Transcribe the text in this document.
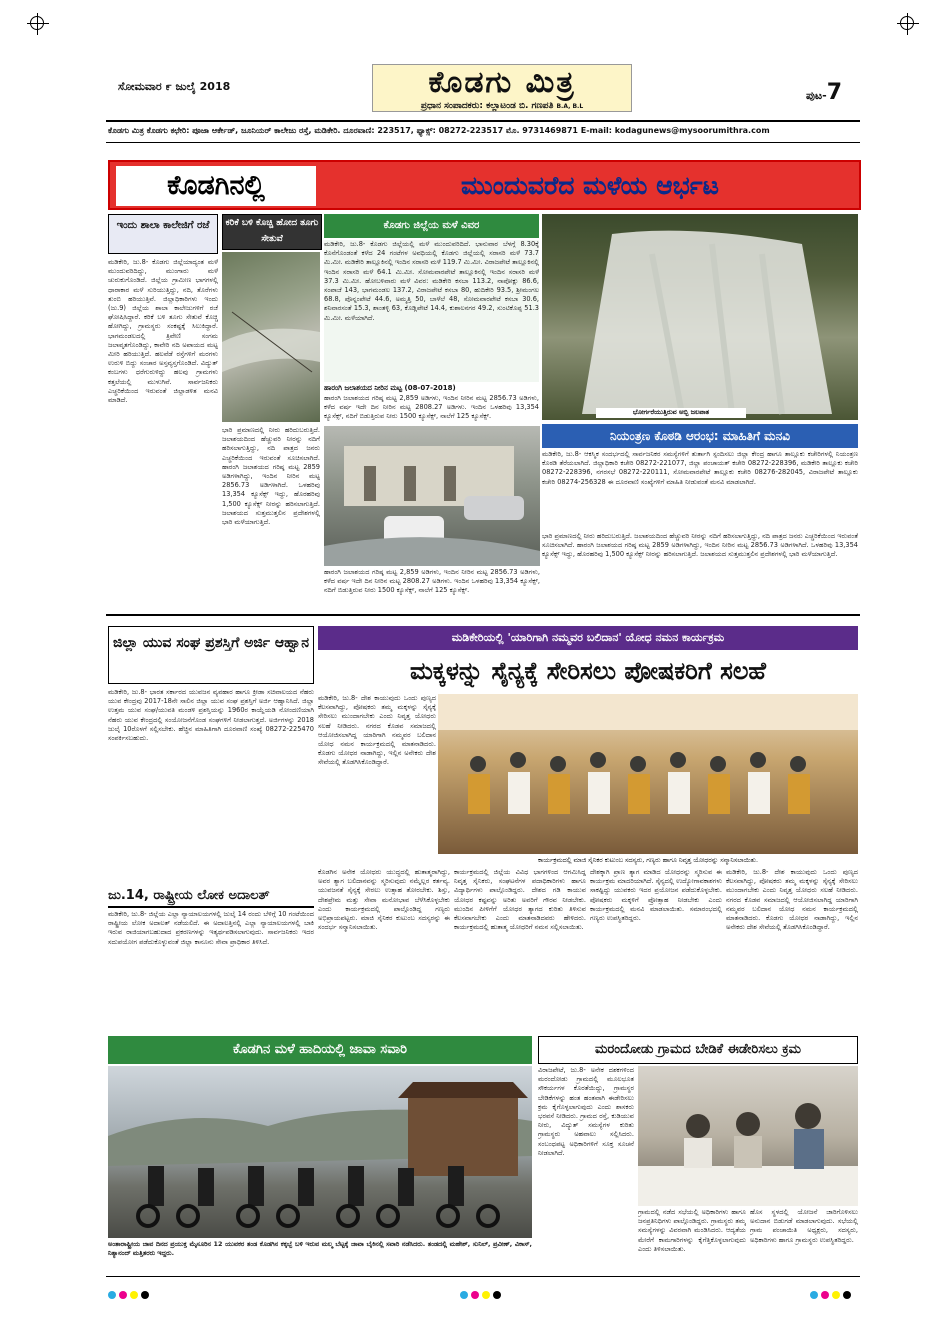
ಸೋಮವಾರ ೯ ಜುಲೈ 2018	ಕೊಡಗು ಮಿತ್ರ
ಪ್ರಧಾನ ಸಂಪಾದಕರು: ಕಲ್ಲಾಟಂಡ ಬಿ. ಗಣಪತಿ B.A, B.L
ಪುಟ-7
ಕೊಡಗು ಮಿತ್ರ ಕೊಡಗು ಕಛೇರಿ: ಪೂಜಾ ಆರ್ಕೇಡ್, ಜೂನಿಯರ್ ಕಾಲೇಜು ರಸ್ತೆ, ಮಡಿಕೇರಿ. ದೂರವಾಣಿ: 223517, ಫ್ಯಾಕ್ಸ್: 08272-223517 ಮೊ. 9731469871 E-mail: kodagunews@mysoorumithra.com
ಕೊಡಗಿನಲ್ಲಿ	ಮುಂದುವರೆದ ಮಳೆಯ ಆರ್ಭಟ
ಇಂದು ಶಾಲಾ ಕಾಲೇಜಿಗೆ ರಜೆ
ಮಡಿಕೇರಿ, ಜು.8- ಕೊಡಗು ಜಿಲ್ಲೆಯಾದ್ಯಂತ ಮಳೆ ಮುಂದುವರಿದಿದ್ದು, ಮುಂಗಾರು ಮಳೆ ಚುರುಕುಗೊಂಡಿದೆ. ಜಿಲ್ಲೆಯ ಗ್ರಾಮೀಣ ಭಾಗಗಳಲ್ಲಿ ಧಾರಾಕಾರ ಮಳೆ ಸುರಿಯುತ್ತಿದ್ದು, ನದಿ, ತೊರೆಗಳು ತುಂಬಿ ಹರಿಯುತ್ತಿವೆ. ಜಿಲ್ಲಾಧಿಕಾರಿಗಳು ಇಂದು (ಜು.9) ಜಿಲ್ಲೆಯ ಶಾಲಾ ಕಾಲೇಜುಗಳಿಗೆ ರಜೆ ಘೋಷಿಸಿದ್ದಾರೆ. ಕರಿಕೆ ಬಳಿ ತೂಗು ಸೇತುವೆ ಕೊಚ್ಚಿ ಹೋಗಿದ್ದು, ಗ್ರಾಮಸ್ಥರು ಸಂಕಷ್ಟಕ್ಕೆ ಸಿಲುಕಿದ್ದಾರೆ. ಭಾಗಮಂಡಲದಲ್ಲಿ ತ್ರಿವೇಣಿ ಸಂಗಮ ಜಲಾವೃತಗೊಂಡಿದ್ದು, ಕಾವೇರಿ ನದಿ ಅಪಾಯದ ಮಟ್ಟ ಮೀರಿ ಹರಿಯುತ್ತಿದೆ. ಹಲವೆಡೆ ರಸ್ತೆಗಳಿಗೆ ಮರಗಳು ಉರುಳಿ ಬಿದ್ದು ಸಂಚಾರ ಅಸ್ತವ್ಯಸ್ತಗೊಂಡಿದೆ. ವಿದ್ಯುತ್ ಕಂಬಗಳು ಧರೆಗುರುಳಿದ್ದು ಹಲವು ಗ್ರಾಮಗಳು ಕತ್ತಲೆಯಲ್ಲಿ ಮುಳುಗಿವೆ. ಸಾರ್ವಜನಿಕರು ಎಚ್ಚರಿಕೆಯಿಂದ ಇರುವಂತೆ ಜಿಲ್ಲಾಡಳಿತ ಮನವಿ ಮಾಡಿದೆ.
ಕರಿಕೆ ಬಳಿ ಕೊಚ್ಚಿ ಹೋದ ತೂಗು ಸೇತುವೆ
ಭಾರಿ ಪ್ರಮಾಣದಲ್ಲಿ ನೀರು ಹರಿದುಬರುತ್ತಿದೆ. ಜಲಾಶಯದಿಂದ ಹೆಚ್ಚುವರಿ ನೀರನ್ನು ನದಿಗೆ ಹರಿಸಲಾಗುತ್ತಿದ್ದು, ನದಿ ಪಾತ್ರದ ಜನರು ಎಚ್ಚರಿಕೆಯಿಂದ ಇರುವಂತೆ ಸೂಚಿಸಲಾಗಿದೆ. ಹಾರಂಗಿ ಜಲಾಶಯದ ಗರಿಷ್ಠ ಮಟ್ಟ 2859 ಅಡಿಗಳಾಗಿದ್ದು, ಇಂದಿನ ನೀರಿನ ಮಟ್ಟ 2856.73 ಅಡಿಗಳಾಗಿದೆ. ಒಳಹರಿವು 13,354 ಕ್ಯೂಸೆಕ್ಸ್ ಇದ್ದು, ಹೊರಹರಿವು 1,500 ಕ್ಯೂಸೆಕ್ಸ್ ನೀರನ್ನು ಹರಿಸಲಾಗುತ್ತಿದೆ. ಜಲಾಶಯದ ಸುತ್ತಮುತ್ತಲಿನ ಪ್ರದೇಶಗಳಲ್ಲಿ ಭಾರಿ ಮಳೆಯಾಗುತ್ತಿದೆ.
ಕೊಡಗು ಜಿಲ್ಲೆಯ ಮಳೆ ವಿವರ
ಮಡಿಕೇರಿ, ಜು.8- ಕೊಡಗು ಜಿಲ್ಲೆಯಲ್ಲಿ ಮಳೆ ಮುಂದುವರಿದಿದೆ. ಭಾನುವಾರ ಬೆಳಗ್ಗೆ 8.30ಕ್ಕೆ ಕೊನೆಗೊಂಡಂತೆ ಕಳೆದ 24 ಗಂಟೆಗಳ ಅವಧಿಯಲ್ಲಿ ಕೊಡಗು ಜಿಲ್ಲೆಯಲ್ಲಿ ಸರಾಸರಿ ಮಳೆ 73.7 ಮಿ.ಮೀ. ಮಡಿಕೇರಿ ತಾಲ್ಲೂಕಿನಲ್ಲಿ ಇಂದಿನ ಸರಾಸರಿ ಮಳೆ 119.7 ಮಿ.ಮೀ. ವಿರಾಜಪೇಟೆ ತಾಲ್ಲೂಕಿನಲ್ಲಿ ಇಂದಿನ ಸರಾಸರಿ ಮಳೆ 64.1 ಮಿ.ಮೀ. ಸೋಮವಾರಪೇಟೆ ತಾಲ್ಲೂಕಿನಲ್ಲಿ ಇಂದಿನ ಸರಾಸರಿ ಮಳೆ 37.3 ಮಿ.ಮೀ. ಹೋಬಳಿವಾರು ಮಳೆ ವಿವರ: ಮಡಿಕೇರಿ ಕಸಬಾ 113.2, ನಾಪೋಕ್ಲು 86.6, ಸಂಪಾಜೆ 143, ಭಾಗಮಂಡಲ 137.2, ವಿರಾಜಪೇಟೆ ಕಸಬಾ 80, ಹುದಿಕೇರಿ 93.5, ಶ್ರೀಮಂಗಲ 68.8, ಪೊನ್ನಂಪೇಟೆ 44.6, ಅಮ್ಮತ್ತಿ 50, ಬಾಳೆಲೆ 48, ಸೋಮವಾರಪೇಟೆ ಕಸಬಾ 30.6, ಶನಿವಾರಸಂತೆ 15.3, ಶಾಂತಳ್ಳಿ 63, ಕೊಡ್ಲಿಪೇಟೆ 14.4, ಕುಶಾಲನಗರ 49.2, ಸುಂಟಿಕೊಪ್ಪ 51.3 ಮಿ.ಮೀ. ಮಳೆಯಾಗಿದೆ.
ಹಾರಂಗಿ ಜಲಾಶಯದ ನೀರಿನ ಮಟ್ಟ (08-07-2018)
ಹಾರಂಗಿ ಜಲಾಶಯದ ಗರಿಷ್ಠ ಮಟ್ಟ 2,859 ಅಡಿಗಳು, ಇಂದಿನ ನೀರಿನ ಮಟ್ಟ 2856.73 ಅಡಿಗಳು, ಕಳೆದ ವರ್ಷ ಇದೇ ದಿನ ನೀರಿನ ಮಟ್ಟ 2808.27 ಅಡಿಗಳು. ಇಂದಿನ ಒಳಹರಿವು 13,354 ಕ್ಯೂಸೆಕ್ಸ್, ನದಿಗೆ ಬಿಡುತ್ತಿರುವ ನೀರು 1500 ಕ್ಯೂಸೆಕ್ಸ್, ನಾಲೆಗೆ 125 ಕ್ಯೂಸೆಕ್ಸ್.
ಭೋರ್ಗರೆಯುತ್ತಿರುವ ಅಬ್ಬಿ ಜಲಪಾತ
ಹಾರಂಗಿ ಜಲಾಶಯದ ಗರಿಷ್ಠ ಮಟ್ಟ 2,859 ಅಡಿಗಳು, ಇಂದಿನ ನೀರಿನ ಮಟ್ಟ 2856.73 ಅಡಿಗಳು, ಕಳೆದ ವರ್ಷ ಇದೇ ದಿನ ನೀರಿನ ಮಟ್ಟ 2808.27 ಅಡಿಗಳು. ಇಂದಿನ ಒಳಹರಿವು 13,354 ಕ್ಯೂಸೆಕ್ಸ್, ನದಿಗೆ ಬಿಡುತ್ತಿರುವ ನೀರು 1500 ಕ್ಯೂಸೆಕ್ಸ್, ನಾಲೆಗೆ 125 ಕ್ಯೂಸೆಕ್ಸ್.
ನಿಯಂತ್ರಣ ಕೊಠಡಿ ಆರಂಭ: ಮಾಹಿತಿಗೆ ಮನವಿ
ಮಡಿಕೇರಿ, ಜು.8- ಆಕಸ್ಮಿಕ ಸಂದರ್ಭದಲ್ಲಿ ಸಾರ್ವಜನಿಕರ ಸಮಸ್ಯೆಗಳಿಗೆ ತುರ್ತಾಗಿ ಸ್ಪಂದಿಸಲು ಜಿಲ್ಲಾ ಕೇಂದ್ರ ಹಾಗೂ ತಾಲ್ಲೂಕು ಕಚೇರಿಗಳಲ್ಲಿ ನಿಯಂತ್ರಣ ಕೊಠಡಿ ತೆರೆಯಲಾಗಿದೆ. ಜಿಲ್ಲಾಧಿಕಾರಿ ಕಚೇರಿ 08272-221077, ಜಿಲ್ಲಾ ಪಂಚಾಯತ್ ಕಚೇರಿ 08272-228396, ಮಡಿಕೇರಿ ತಾಲ್ಲೂಕು ಕಚೇರಿ 08272-228396, ನಗರಸಭೆ 08272-220111, ಸೋಮವಾರಪೇಟೆ ತಾಲ್ಲೂಕು ಕಚೇರಿ 08276-282045, ವಿರಾಜಪೇಟೆ ತಾಲ್ಲೂಕು ಕಚೇರಿ 08274-256328 ಈ ದೂರವಾಣಿ ಸಂಖ್ಯೆಗಳಿಗೆ ಮಾಹಿತಿ ನೀಡುವಂತೆ ಮನವಿ ಮಾಡಲಾಗಿದೆ.
ಭಾರಿ ಪ್ರಮಾಣದಲ್ಲಿ ನೀರು ಹರಿದುಬರುತ್ತಿದೆ. ಜಲಾಶಯದಿಂದ ಹೆಚ್ಚುವರಿ ನೀರನ್ನು ನದಿಗೆ ಹರಿಸಲಾಗುತ್ತಿದ್ದು, ನದಿ ಪಾತ್ರದ ಜನರು ಎಚ್ಚರಿಕೆಯಿಂದ ಇರುವಂತೆ ಸೂಚಿಸಲಾಗಿದೆ. ಹಾರಂಗಿ ಜಲಾಶಯದ ಗರಿಷ್ಠ ಮಟ್ಟ 2859 ಅಡಿಗಳಾಗಿದ್ದು, ಇಂದಿನ ನೀರಿನ ಮಟ್ಟ 2856.73 ಅಡಿಗಳಾಗಿದೆ. ಒಳಹರಿವು 13,354 ಕ್ಯೂಸೆಕ್ಸ್ ಇದ್ದು, ಹೊರಹರಿವು 1,500 ಕ್ಯೂಸೆಕ್ಸ್ ನೀರನ್ನು ಹರಿಸಲಾಗುತ್ತಿದೆ. ಜಲಾಶಯದ ಸುತ್ತಮುತ್ತಲಿನ ಪ್ರದೇಶಗಳಲ್ಲಿ ಭಾರಿ ಮಳೆಯಾಗುತ್ತಿದೆ.
ಜಿಲ್ಲಾ ಯುವ ಸಂಘ ಪ್ರಶಸ್ತಿಗೆ ಅರ್ಜಿ ಆಹ್ವಾನ
ಮಡಿಕೇರಿ, ಜು.8- ಭಾರತ ಸರ್ಕಾರದ ಯುವಜನ ವ್ಯವಹಾರ ಹಾಗೂ ಕ್ರೀಡಾ ಸಚಿವಾಲಯದ ನೆಹರು ಯುವ ಕೇಂದ್ರವು 2017-18ನೇ ಸಾಲಿನ ಜಿಲ್ಲಾ ಯುವ ಸಂಘ ಪ್ರಶಸ್ತಿಗೆ ಅರ್ಜಿ ಆಹ್ವಾನಿಸಿದೆ. ಜಿಲ್ಲಾ ಉತ್ತಮ ಯುವ ಸಂಘ/ಯುವತಿ ಮಂಡಳಿ ಪ್ರಶಸ್ತಿಯನ್ನು 1960ರ ಕಾಯ್ದೆಯಡಿ ನೋಂದಣಿಯಾಗಿ ನೆಹರು ಯುವ ಕೇಂದ್ರದಲ್ಲಿ ಸಂಯೋಜನೆಗೊಂಡ ಸಂಘಗಳಿಗೆ ನೀಡಲಾಗುತ್ತದೆ. ಅರ್ಜಿಗಳನ್ನು 2018 ಜುಲೈ 10ರೊಳಗೆ ಸಲ್ಲಿಸಬೇಕು. ಹೆಚ್ಚಿನ ಮಾಹಿತಿಗಾಗಿ ದೂರವಾಣಿ ಸಂಖ್ಯೆ 08272-225470 ಸಂಪರ್ಕಿಸಬಹುದು.
ಜು.14, ರಾಷ್ಟ್ರೀಯ ಲೋಕ ಅದಾಲತ್
ಮಡಿಕೇರಿ, ಜು.8- ಜಿಲ್ಲೆಯ ಎಲ್ಲಾ ನ್ಯಾಯಾಲಯಗಳಲ್ಲಿ ಜುಲೈ 14 ರಂದು ಬೆಳಿಗ್ಗೆ 10 ಗಂಟೆಯಿಂದ ರಾಷ್ಟ್ರೀಯ ಲೋಕ ಅದಾಲತ್ ನಡೆಯಲಿದೆ. ಈ ಅದಾಲತ್ತಿನಲ್ಲಿ ಎಲ್ಲಾ ನ್ಯಾಯಾಲಯಗಳಲ್ಲಿ ಬಾಕಿ ಇರುವ ರಾಜಿಯಾಗಬಹುದಾದ ಪ್ರಕರಣಗಳನ್ನು ಇತ್ಯರ್ಥಪಡಿಸಲಾಗುವುದು. ಸಾರ್ವಜನಿಕರು ಇದರ ಸದುಪಯೋಗ ಪಡೆದುಕೊಳ್ಳುವಂತೆ ಜಿಲ್ಲಾ ಕಾನೂನು ಸೇವಾ ಪ್ರಾಧಿಕಾರ ತಿಳಿಸಿದೆ.
ಮಡಿಕೇರಿಯಲ್ಲಿ 'ಯಾರಿಗಾಗಿ ನಮ್ಮವರ ಬಲಿದಾನ' ಯೋಧ ನಮನ ಕಾರ್ಯಕ್ರಮ
ಮಕ್ಕಳನ್ನು ಸೈನ್ಯಕ್ಕೆ ಸೇರಿಸಲು ಪೋಷಕರಿಗೆ ಸಲಹೆ
ಮಡಿಕೇರಿ, ಜು.8- ದೇಶ ಕಾಯುವುದು ಒಂದು ಪುಣ್ಯದ ಕೆಲಸವಾಗಿದ್ದು, ಪೋಷಕರು ತಮ್ಮ ಮಕ್ಕಳನ್ನು ಸೈನ್ಯಕ್ಕೆ ಸೇರಿಸಲು ಮುಂದಾಗಬೇಕು ಎಂದು ನಿವೃತ್ತ ಯೋಧರು ಸಲಹೆ ನೀಡಿದರು. ನಗರದ ಕೊಡವ ಸಮಾಜದಲ್ಲಿ ಆಯೋಜಿಸಲಾಗಿದ್ದ ಯಾರಿಗಾಗಿ ನಮ್ಮವರ ಬಲಿದಾನ ಯೋಧ ನಮನ ಕಾರ್ಯಕ್ರಮದಲ್ಲಿ ಮಾತನಾಡಿದರು. ಕೊಡಗು ಯೋಧರ ನಾಡಾಗಿದ್ದು, ಇಲ್ಲಿನ ಅನೇಕರು ದೇಶ ಸೇವೆಯಲ್ಲಿ ತೊಡಗಿಸಿಕೊಂಡಿದ್ದಾರೆ.
ಕಾರ್ಯಕ್ರಮದಲ್ಲಿ ಮಾಜಿ ಸೈನಿಕರ ಕುಟುಂಬ ಸದಸ್ಯರು, ಗಣ್ಯರು ಹಾಗೂ ನಿವೃತ್ತ ಯೋಧರನ್ನು ಸನ್ಮಾನಿಸಲಾಯಿತು.
ಕೊಡಗಿನ ಅನೇಕ ಯೋಧರು ಯುದ್ಧದಲ್ಲಿ ಹುತಾತ್ಮರಾಗಿದ್ದು, ಅವರ ತ್ಯಾಗ ಬಲಿದಾನವನ್ನು ಸ್ಮರಿಸುವುದು ನಮ್ಮೆಲ್ಲರ ಕರ್ತವ್ಯ. ಯುವಜನತೆ ಸೈನ್ಯಕ್ಕೆ ಸೇರಲು ಉತ್ಸಾಹ ತೋರಬೇಕು. ಶಿಸ್ತು, ದೇಶಪ್ರೇಮ ಮತ್ತು ಸೇವಾ ಮನೋಭಾವ ಬೆಳೆಸಿಕೊಳ್ಳಬೇಕು ಎಂದು ಕಾರ್ಯಕ್ರಮದಲ್ಲಿ ಪಾಲ್ಗೊಂಡಿದ್ದ ಗಣ್ಯರು ಅಭಿಪ್ರಾಯಪಟ್ಟರು. ಮಾಜಿ ಸೈನಿಕರ ಕುಟುಂಬ ಸದಸ್ಯರನ್ನು ಈ ಸಂದರ್ಭ ಸನ್ಮಾನಿಸಲಾಯಿತು.
ಕಾರ್ಯಕ್ರಮದಲ್ಲಿ ಜಿಲ್ಲೆಯ ವಿವಿಧ ಭಾಗಗಳಿಂದ ಆಗಮಿಸಿದ್ದ ನಿವೃತ್ತ ಸೈನಿಕರು, ಸಂಘಟನೆಗಳ ಪದಾಧಿಕಾರಿಗಳು ಹಾಗೂ ವಿದ್ಯಾರ್ಥಿಗಳು ಪಾಲ್ಗೊಂಡಿದ್ದರು. ದೇಶದ ಗಡಿ ಕಾಯುವ ಯೋಧರ ಕಷ್ಟವನ್ನು ಅರಿತು ಅವರಿಗೆ ಗೌರವ ನೀಡಬೇಕು. ಮುಂದಿನ ಪೀಳಿಗೆಗೆ ಯೋಧರ ತ್ಯಾಗದ ಕುರಿತು ತಿಳಿಸುವ ಕೆಲಸವಾಗಬೇಕು ಎಂದು ಮಾತನಾಡಿದವರು ಹೇಳಿದರು. ಕಾರ್ಯಕ್ರಮದಲ್ಲಿ ಹುತಾತ್ಮ ಯೋಧರಿಗೆ ನಮನ ಸಲ್ಲಿಸಲಾಯಿತು.
ದೇಶಕ್ಕಾಗಿ ಪ್ರಾಣ ತ್ಯಾಗ ಮಾಡಿದ ಯೋಧರನ್ನು ಸ್ಮರಿಸುವ ಈ ಕಾರ್ಯಕ್ರಮ ಮಾದರಿಯಾಗಿದೆ. ಸೈನ್ಯದಲ್ಲಿ ಉದ್ಯೋಗಾವಕಾಶಗಳು ಸಾಕಷ್ಟಿದ್ದು ಯುವಕರು ಇದರ ಪ್ರಯೋಜನ ಪಡೆದುಕೊಳ್ಳಬೇಕು. ಪೋಷಕರು ಮಕ್ಕಳಿಗೆ ಪ್ರೋತ್ಸಾಹ ನೀಡಬೇಕು ಎಂದು ಕಾರ್ಯಕ್ರಮದಲ್ಲಿ ಮನವಿ ಮಾಡಲಾಯಿತು. ಸಮಾರಂಭದಲ್ಲಿ ಗಣ್ಯರು ಉಪಸ್ಥಿತರಿದ್ದರು.
ಮಡಿಕೇರಿ, ಜು.8- ದೇಶ ಕಾಯುವುದು ಒಂದು ಪುಣ್ಯದ ಕೆಲಸವಾಗಿದ್ದು, ಪೋಷಕರು ತಮ್ಮ ಮಕ್ಕಳನ್ನು ಸೈನ್ಯಕ್ಕೆ ಸೇರಿಸಲು ಮುಂದಾಗಬೇಕು ಎಂದು ನಿವೃತ್ತ ಯೋಧರು ಸಲಹೆ ನೀಡಿದರು. ನಗರದ ಕೊಡವ ಸಮಾಜದಲ್ಲಿ ಆಯೋಜಿಸಲಾಗಿದ್ದ ಯಾರಿಗಾಗಿ ನಮ್ಮವರ ಬಲಿದಾನ ಯೋಧ ನಮನ ಕಾರ್ಯಕ್ರಮದಲ್ಲಿ ಮಾತನಾಡಿದರು. ಕೊಡಗು ಯೋಧರ ನಾಡಾಗಿದ್ದು, ಇಲ್ಲಿನ ಅನೇಕರು ದೇಶ ಸೇವೆಯಲ್ಲಿ ತೊಡಗಿಸಿಕೊಂಡಿದ್ದಾರೆ.
ಮರಂದೋಡು ಗ್ರಾಮದ ಬೇಡಿಕೆ ಈಡೇರಿಸಲು ಕ್ರಮ
ವಿರಾಜಪೇಟೆ, ಜು.8- ಅನೇಕ ದಶಕಗಳಿಂದ ಮರಂದೋಡು ಗ್ರಾಮದಲ್ಲಿ ಮೂಲಭೂತ ಸೌಕರ್ಯಗಳ ಕೊರತೆಯಿದ್ದು, ಗ್ರಾಮಸ್ಥರ ಬೇಡಿಕೆಗಳನ್ನು ಹಂತ ಹಂತವಾಗಿ ಈಡೇರಿಸಲು ಕ್ರಮ ಕೈಗೊಳ್ಳಲಾಗುವುದು ಎಂದು ಶಾಸಕರು ಭರವಸೆ ನೀಡಿದರು. ಗ್ರಾಮದ ರಸ್ತೆ, ಕುಡಿಯುವ ನೀರು, ವಿದ್ಯುತ್ ಸಮಸ್ಯೆಗಳ ಕುರಿತು ಗ್ರಾಮಸ್ಥರು ಅಹವಾಲು ಸಲ್ಲಿಸಿದರು. ಸಂಬಂಧಪಟ್ಟ ಅಧಿಕಾರಿಗಳಿಗೆ ಸೂಕ್ತ ಸೂಚನೆ ನೀಡಲಾಗಿದೆ.
ಗ್ರಾಮದಲ್ಲಿ ನಡೆದ ಸಭೆಯಲ್ಲಿ ಅಧಿಕಾರಿಗಳು ಹಾಗೂ ಜನಪ್ರತಿನಿಧಿಗಳು ಪಾಲ್ಗೊಂಡಿದ್ದರು. ಗ್ರಾಮಸ್ಥರು ತಮ್ಮ ಸಮಸ್ಯೆಗಳನ್ನು ವಿವರವಾಗಿ ಮಂಡಿಸಿದರು. ಆದ್ಯತೆಯ ಮೇರೆಗೆ ಕಾಮಗಾರಿಗಳನ್ನು ಕೈಗೆತ್ತಿಕೊಳ್ಳಲಾಗುವುದು ಎಂದು ತಿಳಿಸಲಾಯಿತು.
ಹೊಸ ಸ್ಥಳದಲ್ಲಿ ಯೋಜನೆ ಜಾರಿಗೊಳಿಸಲು ಅನುದಾನ ಬಿಡುಗಡೆ ಮಾಡಲಾಗುವುದು. ಸಭೆಯಲ್ಲಿ ಗ್ರಾಮ ಪಂಚಾಯಿತಿ ಅಧ್ಯಕ್ಷರು, ಸದಸ್ಯರು, ಅಧಿಕಾರಿಗಳು ಹಾಗೂ ಗ್ರಾಮಸ್ಥರು ಉಪಸ್ಥಿತರಿದ್ದರು.
ಕೊಡಗಿನ ಮಳೆ ಹಾದಿಯಲ್ಲಿ ಜಾವಾ ಸವಾರಿ
ಅಂತಾರಾಷ್ಟ್ರೀಯ ಜಾವ ದಿನದ ಪ್ರಯುಕ್ತ ಮೈಸೂರಿನ 12 ಯುವಕರ ತಂಡ ಕೊಡಗಿನ ಕಕ್ಕಬ್ಬೆ ಬಳಿ ಇರುವ ಮಲ್ಮ ಬೆಟ್ಟಕ್ಕೆ ಜಾವಾ ಬೈಕಿನಲ್ಲಿ ಸವಾರಿ ನಡೆಸಿದರು. ತಂಡದಲ್ಲಿ ಮಹೇಶ್, ಸುನಿಲ್, ಪ್ರವೀಣ್, ವಿಕಾಸ್, ನಿತ್ಯಾನಂದ್ ಮತ್ತಿತರರು ಇದ್ದರು.
